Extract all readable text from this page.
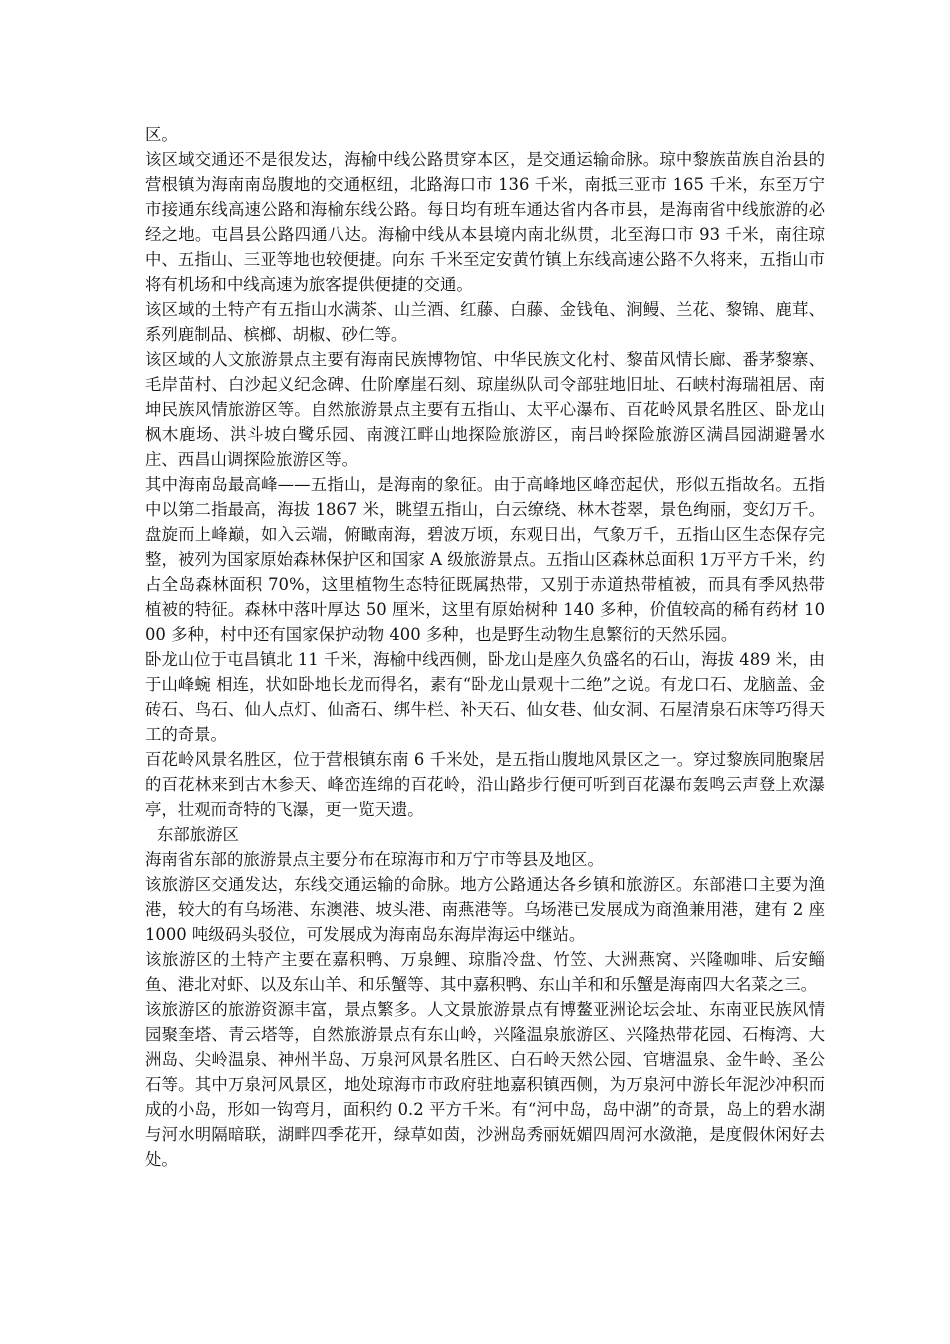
区。

该区域交通还不是很发达，海榆中线公路贯穿本区，是交通运输命脉。琼中黎族苗族自治县的营根镇为海南南岛腹地的交通枢纽，北路海口市 136 千米，南抵三亚市 165 千米，东至万宁市接通东线高速公路和海榆东线公路。每日均有班车通达省内各市县，是海南省中线旅游的必经之地。屯昌县公路四通八达。海榆中线从本县境内南北纵贯，北至海口市 93 千米，南往琼中、五指山、三亚等地也较便捷。向东 千米至定安黄竹镇上东线高速公路不久将来，五指山市将有机场和中线高速为旅客提供便捷的交通。

该区域的土特产有五指山水满茶、山兰酒、红藤、白藤、金钱龟、涧鳗、兰花、黎锦、鹿茸、系列鹿制品、槟榔、胡椒、砂仁等。

该区域的人文旅游景点主要有海南民族博物馆、中华民族文化村、黎苗风情长廊、番茅黎寨、毛岸苗村、白沙起义纪念碑、仕阶摩崖石刻、琼崖纵队司令部驻地旧址、石峡村海瑞祖居、南坤民族风情旅游区等。自然旅游景点主要有五指山、太平心瀑布、百花岭风景名胜区、卧龙山枫木鹿场、洪斗坡白鹭乐园、南渡江畔山地探险旅游区，南吕岭探险旅游区满昌园湖避暑水庄、西昌山调探险旅游区等。

其中海南岛最高峰——五指山，是海南的象征。由于高峰地区峰峦起伏，形似五指故名。五指中以第二指最高，海拔 1867 米，眺望五指山，白云缭绕、林木苍翠，景色绚丽，变幻万千。盘旋而上峰巅，如入云端，俯瞰南海，碧波万顷，东观日出，气象万千，五指山区生态保存完整，被列为国家原始森林保护区和国家 A 级旅游景点。五指山区森林总面积 1万平方千米，约占全岛森林面积 70%，这里植物生态特征既属热带，又别于赤道热带植被，而具有季风热带植被的特征。森林中落叶厚达 50 厘米，这里有原始树种 140 多种，价值较高的稀有药材 1000 多种，村中还有国家保护动物 400 多种，也是野生动物生息繁衍的天然乐园。

卧龙山位于屯昌镇北 11 千米，海榆中线西侧，卧龙山是座久负盛名的石山，海拔 489 米，由于山峰蜿 相连，状如卧地长龙而得名，素有“卧龙山景观十二绝”之说。有龙口石、龙脑盖、金砖石、鸟石、仙人点灯、仙斋石、绑牛栏、补天石、仙女巷、仙女洞、石屋清泉石床等巧得天工的奇景。

百花岭风景名胜区，位于营根镇东南 6 千米处，是五指山腹地风景区之一。穿过黎族同胞聚居的百花林来到古木参天、峰峦连绵的百花岭，沿山路步行便可听到百花瀑布轰鸣云声登上欢瀑亭，壮观而奇特的飞瀑，更一览天遗。

东部旅游区

海南省东部的旅游景点主要分布在琼海市和万宁市等县及地区。

该旅游区交通发达，东线交通运输的命脉。地方公路通达各乡镇和旅游区。东部港口主要为渔港，较大的有乌场港、东澳港、坡头港、南燕港等。乌场港已发展成为商渔兼用港，建有 2 座 1000 吨级码头驳位，可发展成为海南岛东海岸海运中继站。

该旅游区的土特产主要在嘉积鸭、万泉鲤、琼脂冷盘、竹笠、大洲燕窝、兴隆咖啡、后安鲻鱼、港北对虾、以及东山羊、和乐蟹等、其中嘉积鸭、东山羊和和乐蟹是海南四大名菜之三。

该旅游区的旅游资源丰富，景点繁多。人文景旅游景点有博鳌亚洲论坛会址、东南亚民族风情园聚奎塔、青云塔等，自然旅游景点有东山岭，兴隆温泉旅游区、兴隆热带花园、石梅湾、大洲岛、尖岭温泉、神州半岛、万泉河风景名胜区、白石岭天然公园、官塘温泉、金牛岭、圣公石等。其中万泉河风景区，地处琼海市市政府驻地嘉积镇西侧，为万泉河中游长年泥沙冲积而成的小岛，形如一钩弯月，面积约 0.2 平方千米。有“河中岛，岛中湖”的奇景，岛上的碧水湖与河水明隔暗联，湖畔四季花开，绿草如茵，沙洲岛秀丽妩媚四周河水潋滟，是度假休闲好去处。
